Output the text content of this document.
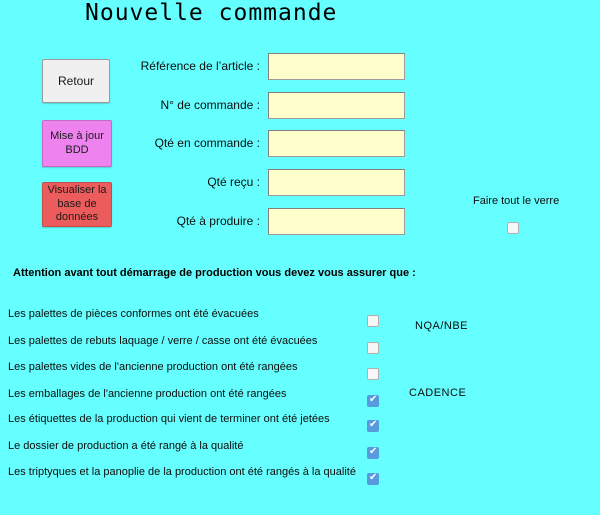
Nouvelle commande
Retour
Mise à jour BDD
Visualiser la base de données
Référence de l’article :
N° de commande :
Qté en commande :
Qté reçu :
Qté à produire :
Faire tout le verre
Attention avant tout démarrage de production vous devez vous assurer que :
Les palettes de pièces conformes ont été évacuées
Les palettes de rebuts laquage / verre / casse ont été évacuées
Les palettes vides de l'ancienne production ont été rangées
Les emballages de l'ancienne production ont été rangées
✔
Les étiquettes de la production qui vient de terminer ont été jetées
✔
Le dossier de production a été rangé à la qualité
✔
Les triptyques et la panoplie de la production ont été rangés à la qualité
✔
NQA/NBE
CADENCE
